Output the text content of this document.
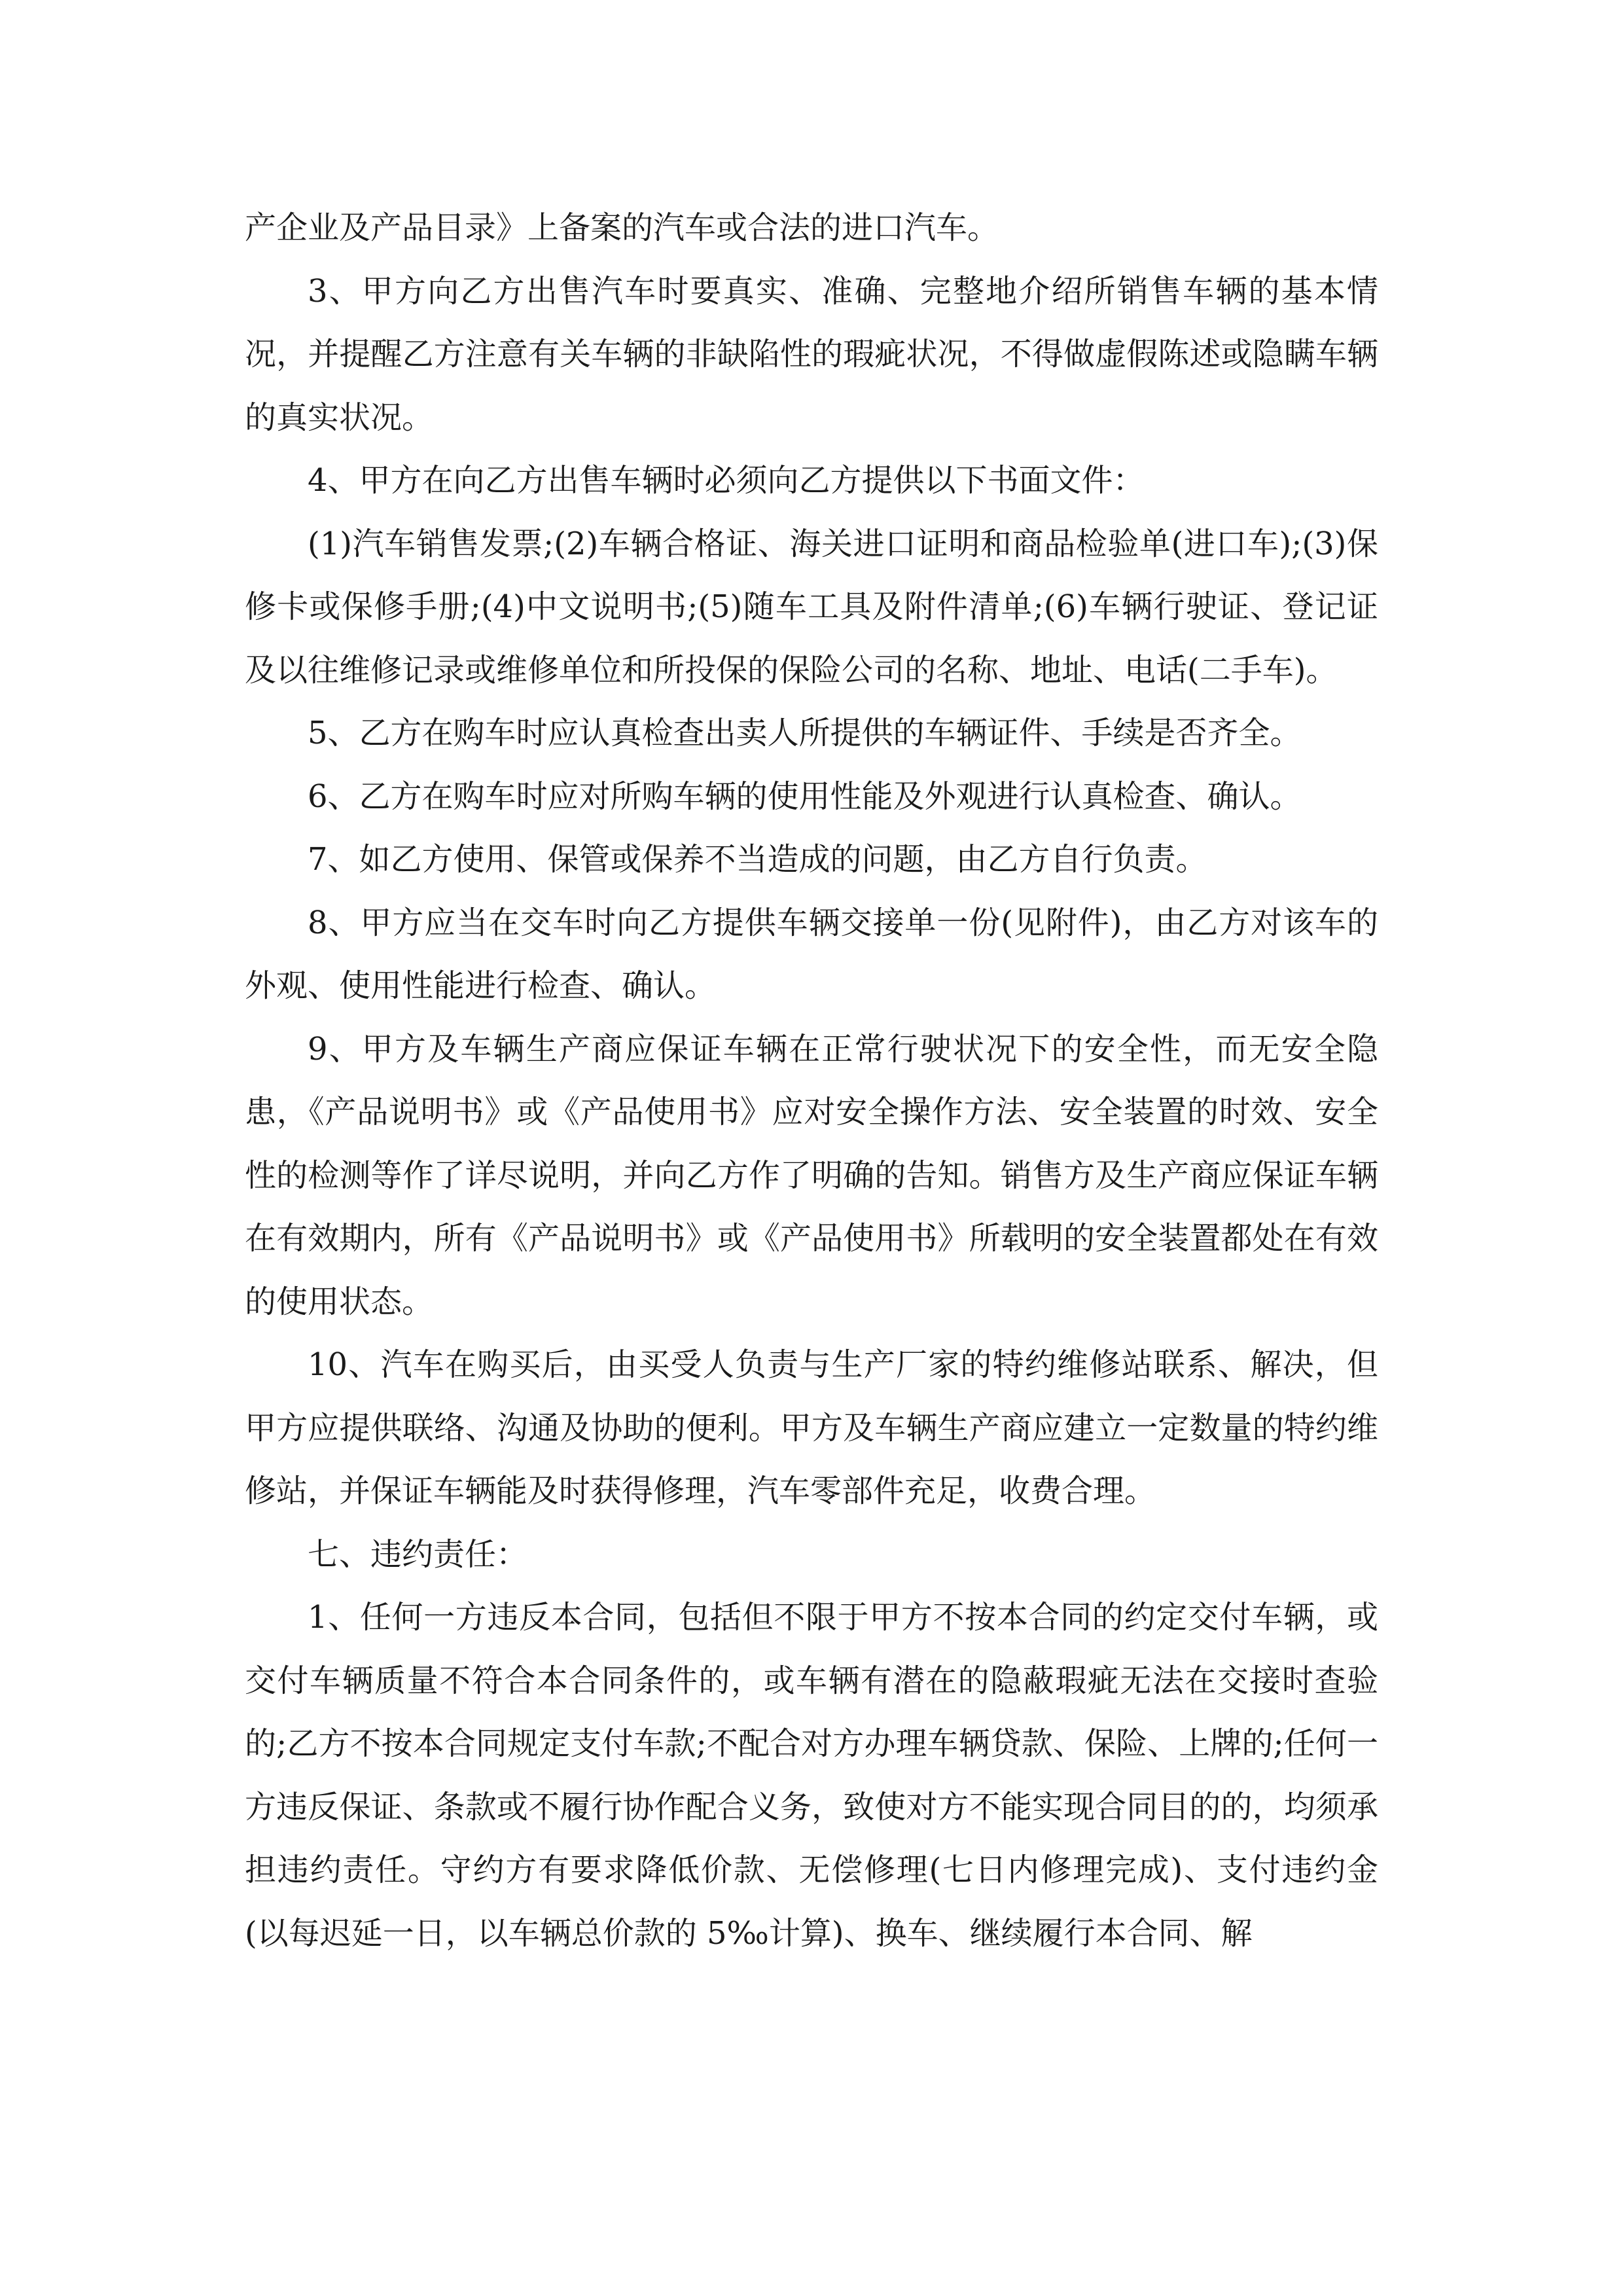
产企业及产品目录》上备案的汽车或合法的进口汽车。

3、甲方向乙方出售汽车时要真实、准确、完整地介绍所销售车辆的基本情况，并提醒乙方注意有关车辆的非缺陷性的瑕疵状况，不得做虚假陈述或隐瞒车辆的真实状况。

4、甲方在向乙方出售车辆时必须向乙方提供以下书面文件：

(1)汽车销售发票;(2)车辆合格证、海关进口证明和商品检验单(进口车);(3)保修卡或保修手册;(4)中文说明书;(5)随车工具及附件清单;(6)车辆行驶证、登记证及以往维修记录或维修单位和所投保的保险公司的名称、地址、电话(二手车)。

5、乙方在购车时应认真检查出卖人所提供的车辆证件、手续是否齐全。

6、乙方在购车时应对所购车辆的使用性能及外观进行认真检查、确认。

7、如乙方使用、保管或保养不当造成的问题，由乙方自行负责。

8、甲方应当在交车时向乙方提供车辆交接单一份(见附件)，由乙方对该车的外观、使用性能进行检查、确认。

9、甲方及车辆生产商应保证车辆在正常行驶状况下的安全性，而无安全隐患，《产品说明书》或《产品使用书》应对安全操作方法、安全装置的时效、安全性的检测等作了详尽说明，并向乙方作了明确的告知。销售方及生产商应保证车辆在有效期内，所有《产品说明书》或《产品使用书》所载明的安全装置都处在有效的使用状态。

10、汽车在购买后，由买受人负责与生产厂家的特约维修站联系、解决，但甲方应提供联络、沟通及协助的便利。甲方及车辆生产商应建立一定数量的特约维修站，并保证车辆能及时获得修理，汽车零部件充足，收费合理。

七、违约责任：

1、任何一方违反本合同，包括但不限于甲方不按本合同的约定交付车辆，或交付车辆质量不符合本合同条件的，或车辆有潜在的隐蔽瑕疵无法在交接时查验的;乙方不按本合同规定支付车款;不配合对方办理车辆贷款、保险、上牌的;任何一方违反保证、条款或不履行协作配合义务，致使对方不能实现合同目的的，均须承担违约责任。守约方有要求降低价款、无偿修理(七日内修理完成)、支付违约金(以每迟延一日，以车辆总价款的 5‰计算)、换车、继续履行本合同、解
